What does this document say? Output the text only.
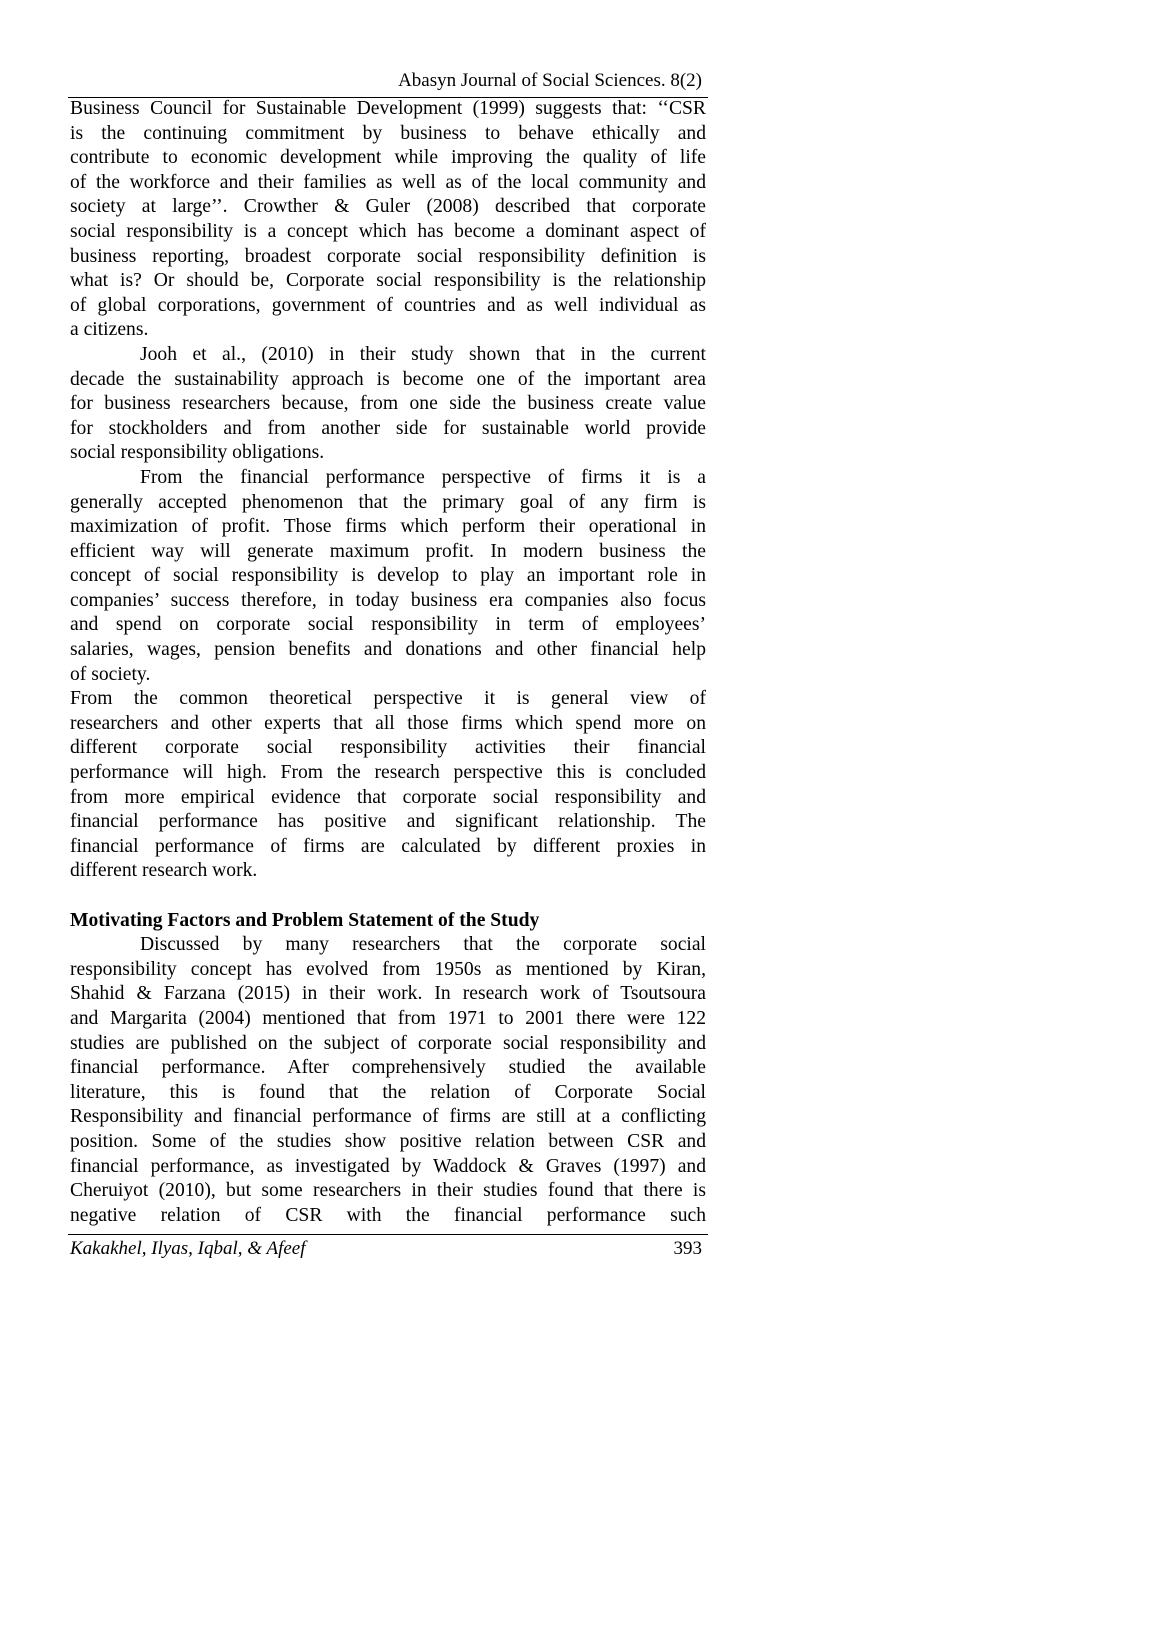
Abasyn Journal of Social Sciences. 8(2)
Business Council for Sustainable Development (1999) suggests that: ‘‘CSR
is the continuing commitment by business to behave ethically and
contribute to economic development while improving the quality of life
of the workforce and their families as well as of the local community and
society at large’’. Crowther & Guler (2008) described that corporate
social responsibility is a concept which has become a dominant aspect of
business reporting, broadest corporate social responsibility definition is
what is? Or should be, Corporate social responsibility is the relationship
of global corporations, government of countries and as well individual as
a citizens.
Jooh et al., (2010) in their study shown that in the current
decade the sustainability approach is become one of the important area
for business researchers because, from one side the business create value
for stockholders and from another side for sustainable world provide
social responsibility obligations.
From the financial performance perspective of firms it is a
generally accepted phenomenon that the primary goal of any firm is
maximization of profit. Those firms which perform their operational in
efficient way will generate maximum profit. In modern business the
concept of social responsibility is develop to play an important role in
companies’ success therefore, in today business era companies also focus
and spend on corporate social responsibility in term of employees’
salaries, wages, pension benefits and donations and other financial help
of society.
From the common theoretical perspective it is general view of
researchers and other experts that all those firms which spend more on
different corporate social responsibility activities their financial
performance will high. From the research perspective this is concluded
from more empirical evidence that corporate social responsibility and
financial performance has positive and significant relationship. The
financial performance of firms are calculated by different proxies in
different research work.
Motivating Factors and Problem Statement of the Study
Discussed by many researchers that the corporate social
responsibility concept has evolved from 1950s as mentioned by Kiran,
Shahid & Farzana (2015) in their work. In research work of Tsoutsoura
and Margarita (2004) mentioned that from 1971 to 2001 there were 122
studies are published on the subject of corporate social responsibility and
financial performance. After comprehensively studied the available
literature, this is found that the relation of Corporate Social
Responsibility and financial performance of firms are still at a conflicting
position. Some of the studies show positive relation between CSR and
financial performance, as investigated by Waddock & Graves (1997) and
Cheruiyot (2010), but some researchers in their studies found that there is
negative relation of CSR with the financial performance such
Kakakhel, Ilyas, Iqbal, & Afeef	393
